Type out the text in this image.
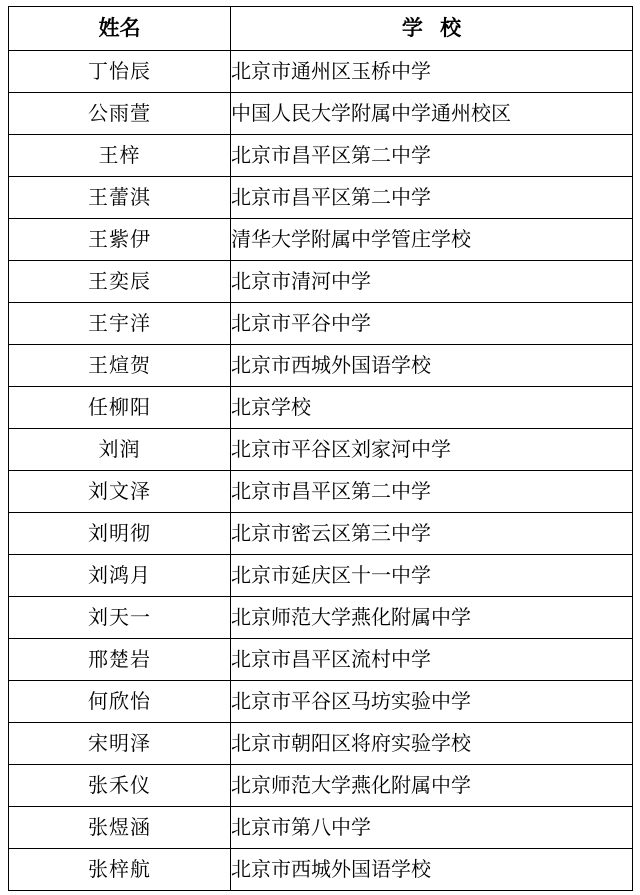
姓名	学 校
丁怡辰	北京市通州区玉桥中学
公雨萱	中国人民大学附属中学通州校区
王梓	北京市昌平区第二中学
王蕾淇	北京市昌平区第二中学
王紫伊	清华大学附属中学管庄学校
王奕辰	北京市清河中学
王宇洋	北京市平谷中学
王煊贺	北京市西城外国语学校
任柳阳	北京学校
刘润	北京市平谷区刘家河中学
刘文泽	北京市昌平区第二中学
刘明彻	北京市密云区第三中学
刘鸿月	北京市延庆区十一中学
刘天一	北京师范大学燕化附属中学
邢楚岩	北京市昌平区流村中学
何欣怡	北京市平谷区马坊实验中学
宋明泽	北京市朝阳区将府实验学校
张禾仪	北京师范大学燕化附属中学
张煜涵	北京市第八中学
张梓航	北京市西城外国语学校
